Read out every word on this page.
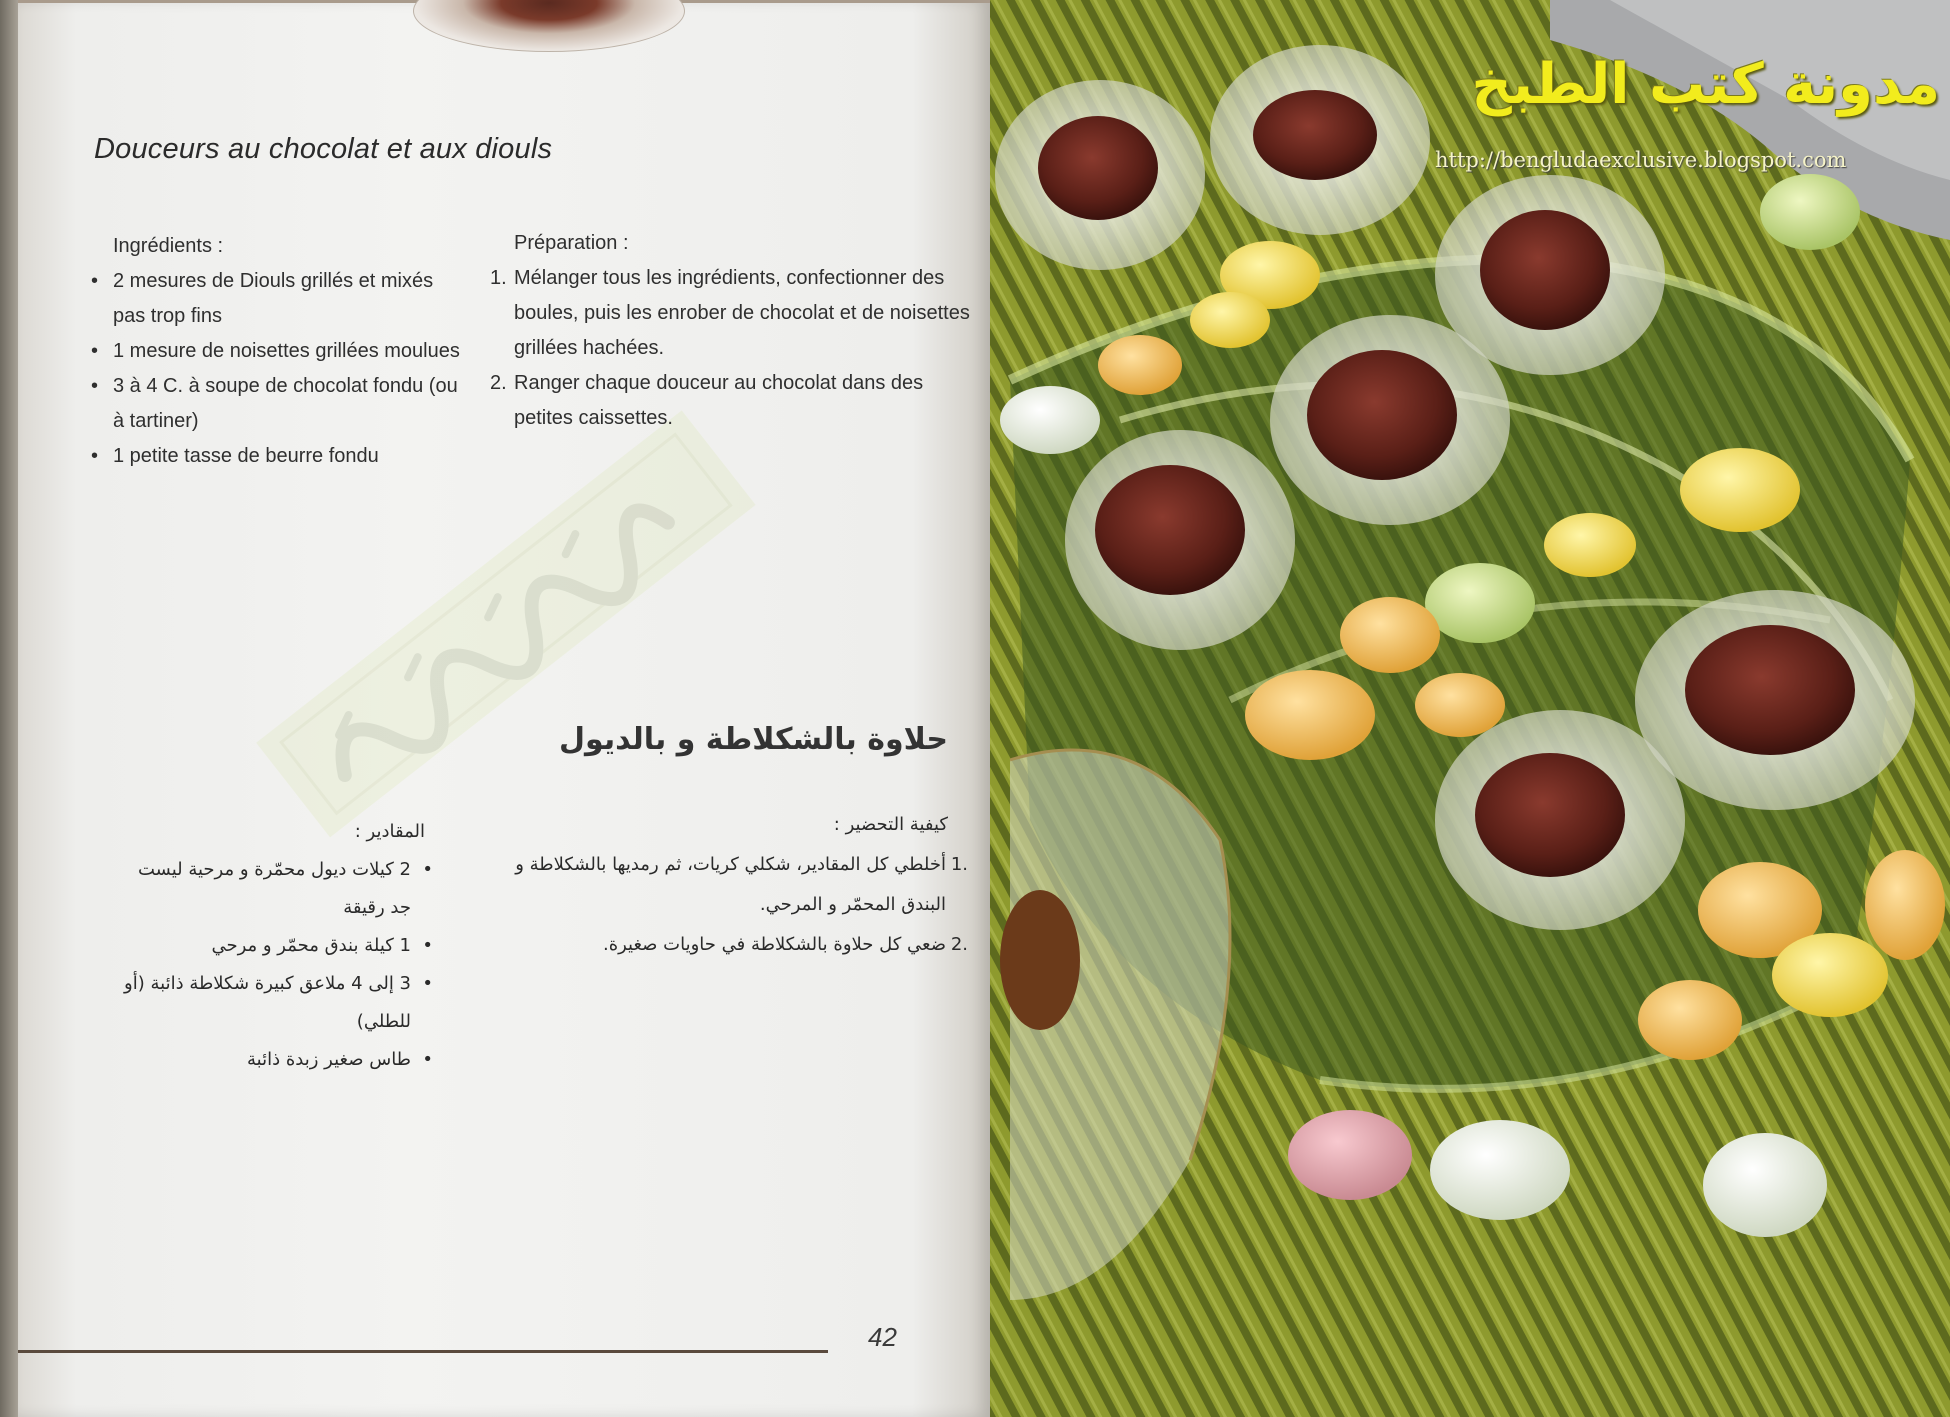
Douceurs au chocolat et aux diouls
Ingrédients :
• 2 mesures de Diouls grillés et mixés pas trop fins
• 1 mesure de noisettes grillées moulues
• 3 à 4 C. à soupe de chocolat fondu (ou à tartiner)
• 1 petite tasse de beurre fondu
Préparation :
1. Mélanger tous les ingrédients, confectionner des boules, puis les enrober de chocolat et de noisettes grillées hachées.
2. Ranger chaque douceur au chocolat dans des petites caissettes.
حلاوة بالشكلاطة و بالديول
المقادير :
• 2 كيلات ديول محمّرة و مرحية ليست جد رقيقة
• 1 كيلة بندق محمّر و مرحي
• 3 إلى 4 ملاعق كبيرة شكلاطة ذائبة (أو للطلي)
• طاس صغير زبدة ذائبة
كيفية التحضير :
.1
أخلطي كل المقادير، شكلي كريات، ثم رمديها بالشكلاطة و البندق المحمّر و المرحي.
.2
ضعي كل حلاوة بالشكلاطة في حاويات صغيرة.
42
مدونة كتب الطبخ
http://bengludaexclusive.blogspot.com
